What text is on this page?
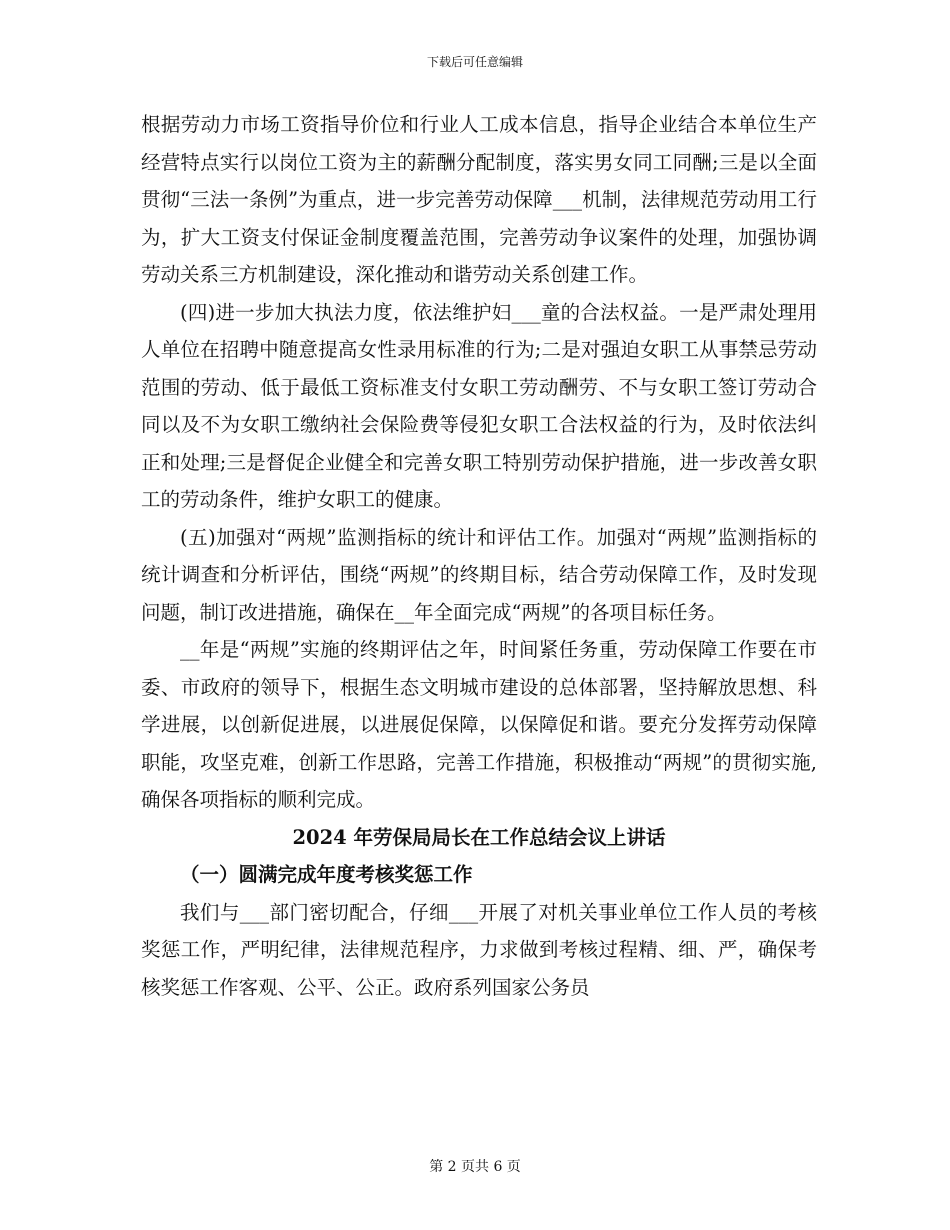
下载后可任意编辑

根据劳动力市场工资指导价位和行业人工成本信息，指导企业结合本单位生产经营特点实行以岗位工资为主的薪酬分配制度，落实男女同工同酬;三是以全面贯彻“三法一条例”为重点，进一步完善劳动保障___机制，法律规范劳动用工行为，扩大工资支付保证金制度覆盖范围，完善劳动争议案件的处理，加强协调劳动关系三方机制建设，深化推动和谐劳动关系创建工作。

(四)进一步加大执法力度，依法维护妇___童的合法权益。一是严肃处理用人单位在招聘中随意提高女性录用标准的行为;二是对强迫女职工从事禁忌劳动范围的劳动、低于最低工资标准支付女职工劳动酬劳、不与女职工签订劳动合同以及不为女职工缴纳社会保险费等侵犯女职工合法权益的行为，及时依法纠正和处理;三是督促企业健全和完善女职工特别劳动保护措施，进一步改善女职工的劳动条件，维护女职工的健康。

(五)加强对“两规”监测指标的统计和评估工作。加强对“两规”监测指标的统计调查和分析评估，围绕“两规”的终期目标，结合劳动保障工作，及时发现问题，制订改进措施，确保在__年全面完成“两规”的各项目标任务。

__年是“两规”实施的终期评估之年，时间紧任务重，劳动保障工作要在市委、市政府的领导下，根据生态文明城市建设的总体部署，坚持解放思想、科学进展，以创新促进展，以进展促保障，以保障促和谐。要充分发挥劳动保障职能，攻坚克难，创新工作思路，完善工作措施，积极推动“两规”的贯彻实施,确保各项指标的顺利完成。

2024 年劳保局局长在工作总结会议上讲话

（一）圆满完成年度考核奖惩工作

我们与___部门密切配合，仔细___开展了对机关事业单位工作人员的考核奖惩工作，严明纪律，法律规范程序，力求做到考核过程精、细、严，确保考核奖惩工作客观、公平、公正。政府系列国家公务员

第 2 页共 6 页
